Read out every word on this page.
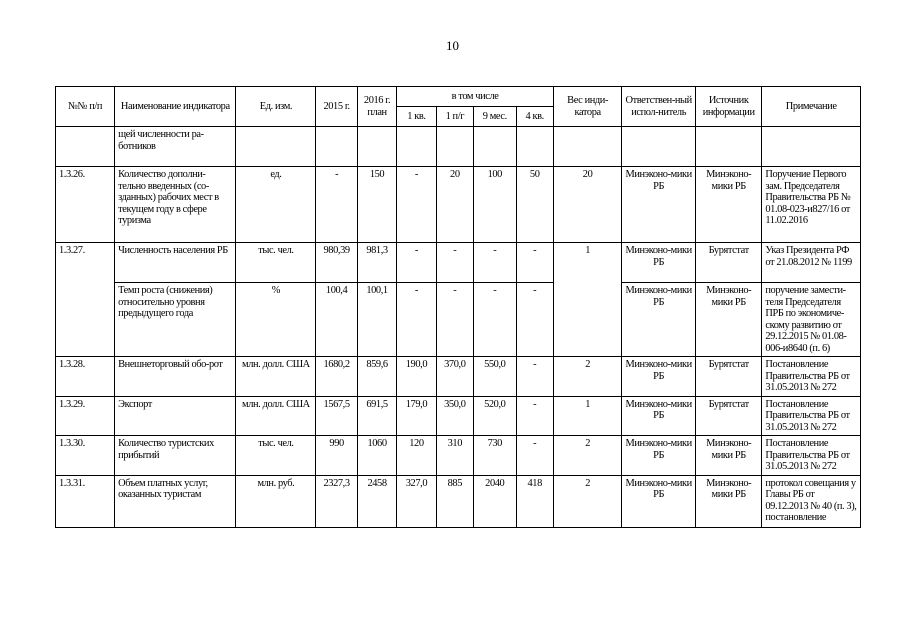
10
№№ п/п	Наименование индикатора	Ед. изм.	2015 г.	2016 г. план	в том числе				Вес инди-катора	Ответствен-ный испол-нитель	Источник информации	Примечание
					1 кв.	1 п/г	9 мес.	4 кв.				
	щей численности ра-ботников											
1.3.26.	Количество дополни-тельно введенных (со-зданных) рабочих мест в текущем году в сфере туризма	ед.	-	150	-	20	100	50	20	Минэконо-мики РБ	Минэконо-мики РБ	Поручение Первого зам. Председателя Правительства РБ № 01.08-023-и827/16 от 11.02.2016
1.3.27.	Численность населения РБ	тыс. чел.	980,39	981,3	-	-	-	-	1	Минэконо-мики РБ	Бурятстат	Указ Президента РФ от 21.08.2012 № 1199
	Темп роста (снижения) относительно уровня предыдущего года	%	100,4	100,1	-	-	-	-		Минэконо-мики РБ	Минэконо-мики РБ	поручение замести-теля Председателя ПРБ по экономиче-скому развитию от 29.12.2015 № 01.08-006-и8640 (п. 6)
1.3.28.	Внешнеторговый обо-рот	млн. долл. США	1680,2	859,6	190,0	370,0	550,0	-	2	Минэконо-мики РБ	Бурятстат	Постановление Правительства РБ от 31.05.2013 № 272
1.3.29.	Экспорт	млн. долл. США	1567,5	691,5	179,0	350,0	520,0	-	1	Минэконо-мики РБ	Бурятстат	Постановление Правительства РБ от 31.05.2013 № 272
1.3.30.	Количество туристских прибытий	тыс. чел.	990	1060	120	310	730	-	2	Минэконо-мики РБ	Минэконо-мики РБ	Постановление Правительства РБ от 31.05.2013 № 272
1.3.31.	Объем платных услуг, оказанных туристам	млн. руб.	2327,3	2458	327,0	885	2040	418	2	Минэконо-мики РБ	Минэконо-мики РБ	протокол совещания у Главы РБ от 09.12.2013 № 40 (п. 3), постановление
